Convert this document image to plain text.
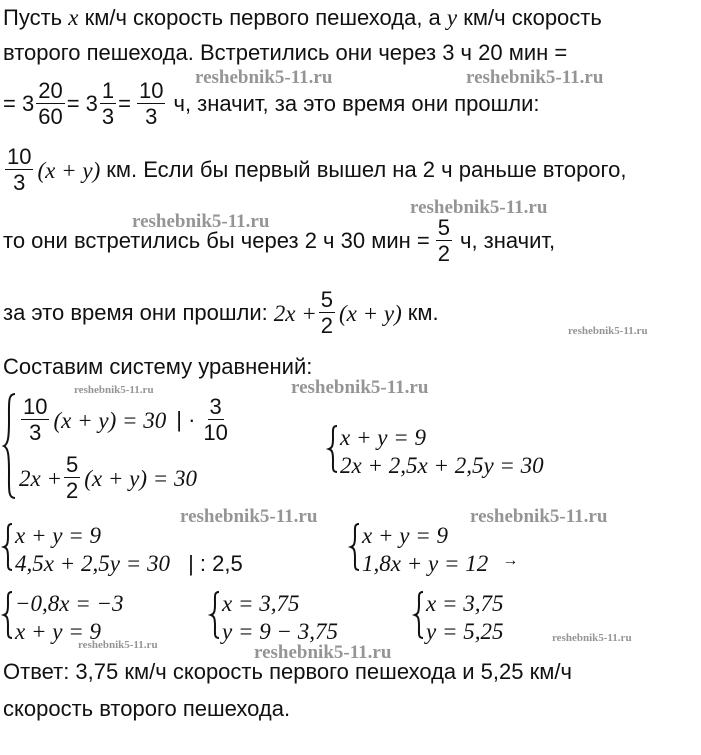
Пусть x км/ч скорость первого пешехода, а y км/ч скорость
второго пешехода. Встретились они через 3 ч 20 мин =
= $3 \frac{20}{60} = 3 \frac{1}{3} = \frac{10}{3} ч$, значит, за это время они прошли:
$\frac{10}{3} (x + y)$ км. Если бы первый вышел на 2 ч раньше второго,
то они встретились бы через 2 ч 30 мин = $\frac{5}{2} ч$, значит,
за это время они прошли: $2x + \frac{5}{2} (x + y)$ км.
Составим систему уравнений:
$\frac{10}{3} (x + y) = 30$ | · $\frac{3}{10}$
$2x + \frac{5}{2} (x + y) = 30$
x + y = 9
2x + 2,5x + 2,5y = 30
x + y = 9
4,5x + 2,5y = 30 | : 2,5
x + y = 9
1,8x + y = 12 →
−0,8x = −3
x + y = 9
x = 3,75
y = 9 − 3,75
x = 3,75
y = 5,25
Ответ: 3,75 км/ч скорость первого пешехода и 5,25 км/ч
скорость второго пешехода.
reshebnik5-11.ru	reshebnik5-11.ru
reshebnik5-11.ru
reshebnik5-11.ru
reshebnik5-11.ru
reshebnik5-11.ru	reshebnik5-11.ru
reshebnik5-11.ru	reshebnik5-11.ru
reshebnik5-11.ru	reshebnik5-11.ru
reshebnik5-11.ru
